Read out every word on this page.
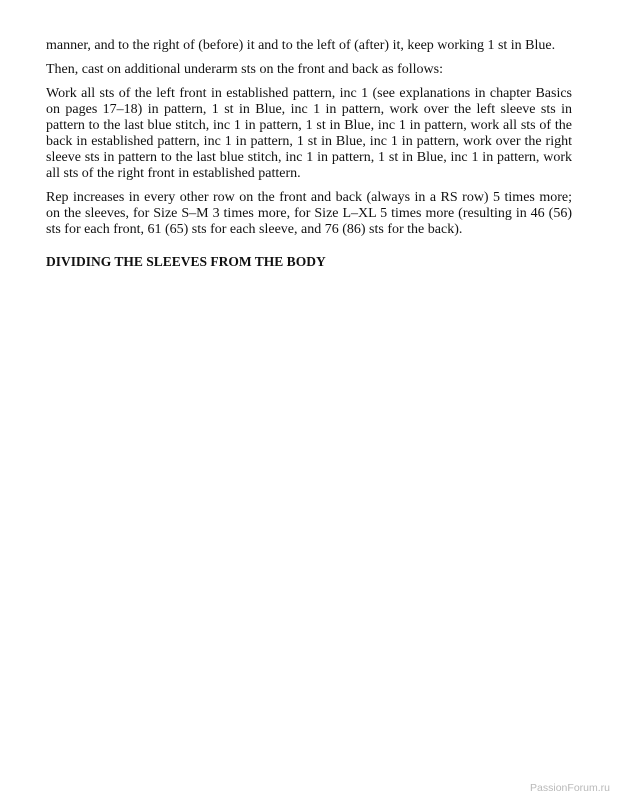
manner, and to the right of (before) it and to the left of (after) it, keep working 1 st in Blue.

Then, cast on additional underarm sts on the front and back as follows:

Work all sts of the left front in established pattern, inc 1 (see explanations in chapter Basics on pages 17–18) in pattern, 1 st in Blue, inc 1 in pattern, work over the left sleeve sts in pattern to the last blue stitch, inc 1 in pattern, 1 st in Blue, inc 1 in pattern, work all sts of the back in established pattern, inc 1 in pattern, 1 st in Blue, inc 1 in pattern, work over the right sleeve sts in pattern to the last blue stitch, inc 1 in pattern, 1 st in Blue, inc 1 in pattern, work all sts of the right front in established pattern.

Rep increases in every other row on the front and back (always in a RS row) 5 times more; on the sleeves, for Size S–M 3 times more, for Size L–XL 5 times more (resulting in 46 (56) sts for each front, 61 (65) sts for each sleeve, and 76 (86) sts for the back).

DIVIDING THE SLEEVES FROM THE BODY
PassionForum.ru
